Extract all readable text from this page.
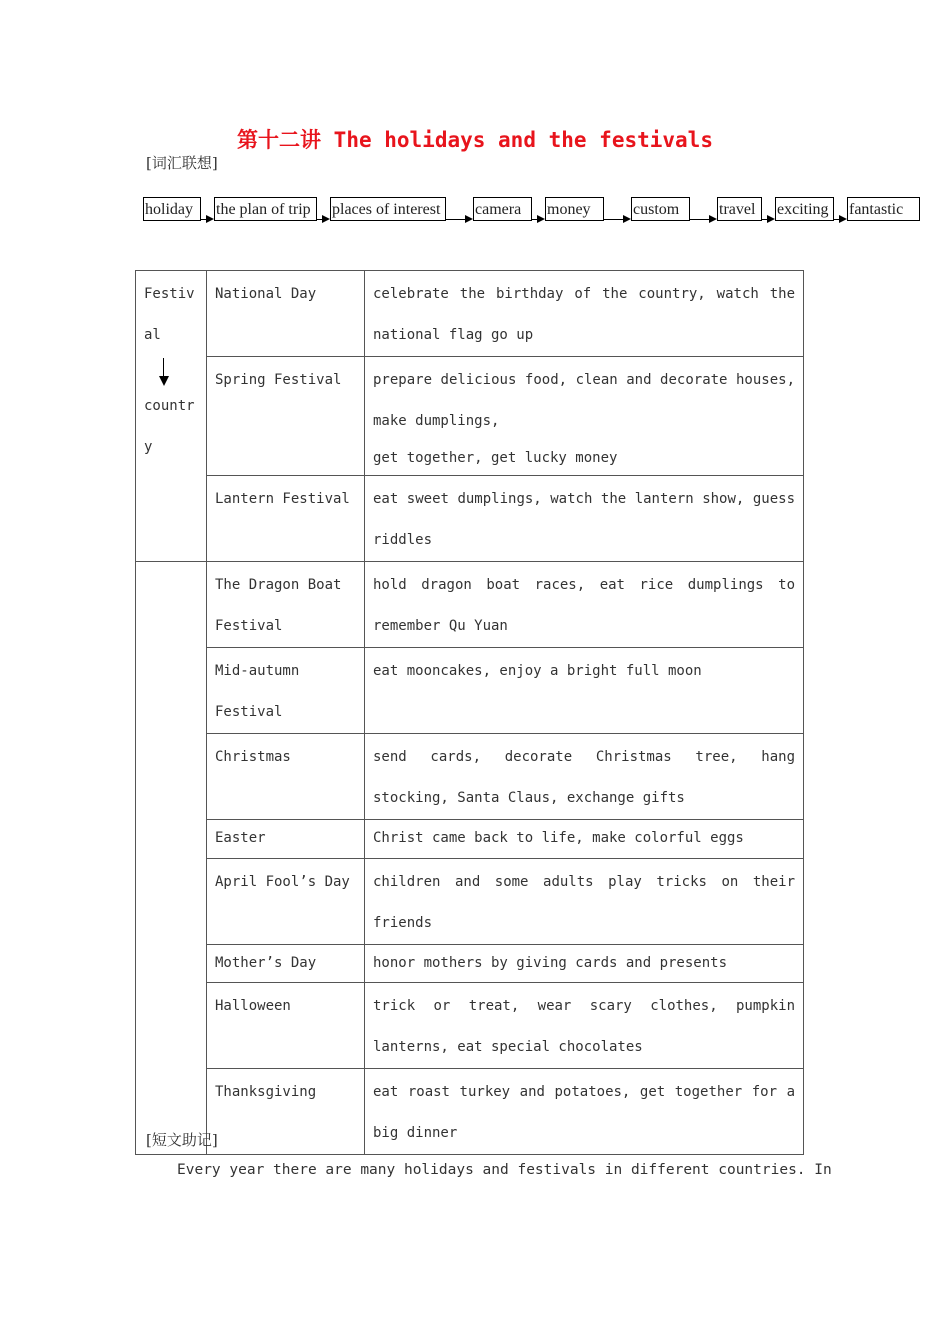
第十二讲 The holidays and the festivals
[词汇联想]
holiday	the plan of trip	places of interest	camera	money	custom	travel	exciting	fantastic
Festiv
al
countr
y	National Day	celebrate the birthday of the country, watch the national flag go up
	Spring Festival	prepare delicious food, clean and decorate houses, make dumplings,
get together, get lucky money

	Lantern Festival	eat sweet dumplings, watch the lantern show, guess riddles
	The Dragon Boat Festival	hold dragon boat races, eat rice dumplings to remember Qu Yuan
	Mid-autumn Festival	eat mooncakes, enjoy a bright full moon
	Christmas	send cards, decorate Christmas tree, hang stocking, Santa Claus, exchange gifts
	Easter	Christ came back to life, make colorful eggs
	April Fool’s Day	children and some adults play tricks on their friends
	Mother’s Day	honor mothers by giving cards and presents
	Halloween	trick or treat, wear scary clothes, pumpkin lanterns, eat special chocolates
	Thanksgiving	eat roast turkey and potatoes, get together for a big dinner
[短文助记]
Every year there are many holidays and festivals in different countries. In
